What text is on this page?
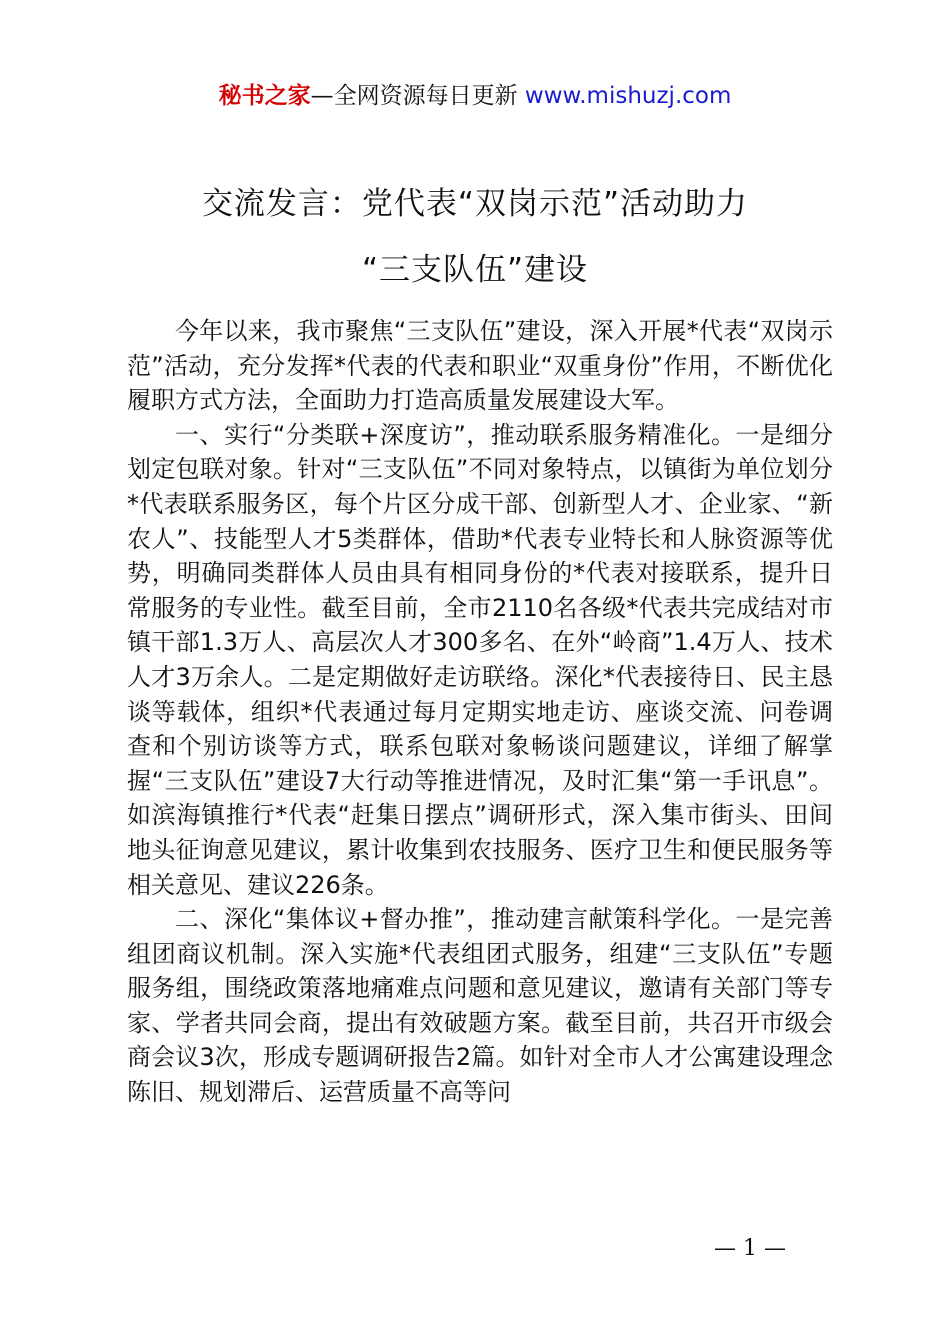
秘书之家—全网资源每日更新 www.mishuzj.com
交流发言：党代表“双岗示范”活动助力
“三支队伍”建设

今年以来，我市聚焦“三支队伍”建设，深入开展*代表“双岗示范”活动，充分发挥*代表的代表和职业“双重身份”作用，不断优化履职方式方法，全面助力打造高质量发展建设大军。

一、实行“分类联+深度访”，推动联系服务精准化。一是细分划定包联对象。针对“三支队伍”不同对象特点，以镇街为单位划分*代表联系服务区，每个片区分成干部、创新型人才、企业家、“新农人”、技能型人才5类群体，借助*代表专业特长和人脉资源等优势，明确同类群体人员由具有相同身份的*代表对接联系，提升日常服务的专业性。截至目前，全市2110名各级*代表共完成结对市镇干部1.3万人、高层次人才300多名、在外“岭商”1.4万人、技术人才3万余人。二是定期做好走访联络。深化*代表接待日、民主恳谈等载体，组织*代表通过每月定期实地走访、座谈交流、问卷调查和个别访谈等方式，联系包联对象畅谈问题建议，详细了解掌握“三支队伍”建设7大行动等推进情况，及时汇集“第一手讯息”。如滨海镇推行*代表“赶集日摆点”调研形式，深入集市街头、田间地头征询意见建议，累计收集到农技服务、医疗卫生和便民服务等相关意见、建议226条。

二、深化“集体议+督办推”，推动建言献策科学化。一是完善组团商议机制。深入实施*代表组团式服务，组建“三支队伍”专题服务组，围绕政策落地痛难点问题和意见建议，邀请有关部门等专家、学者共同会商，提出有效破题方案。截至目前，共召开市级会商会议3次，形成专题调研报告2篇。如针对全市人才公寓建设理念陈旧、规划滞后、运营质量不高等问

— 1 —
